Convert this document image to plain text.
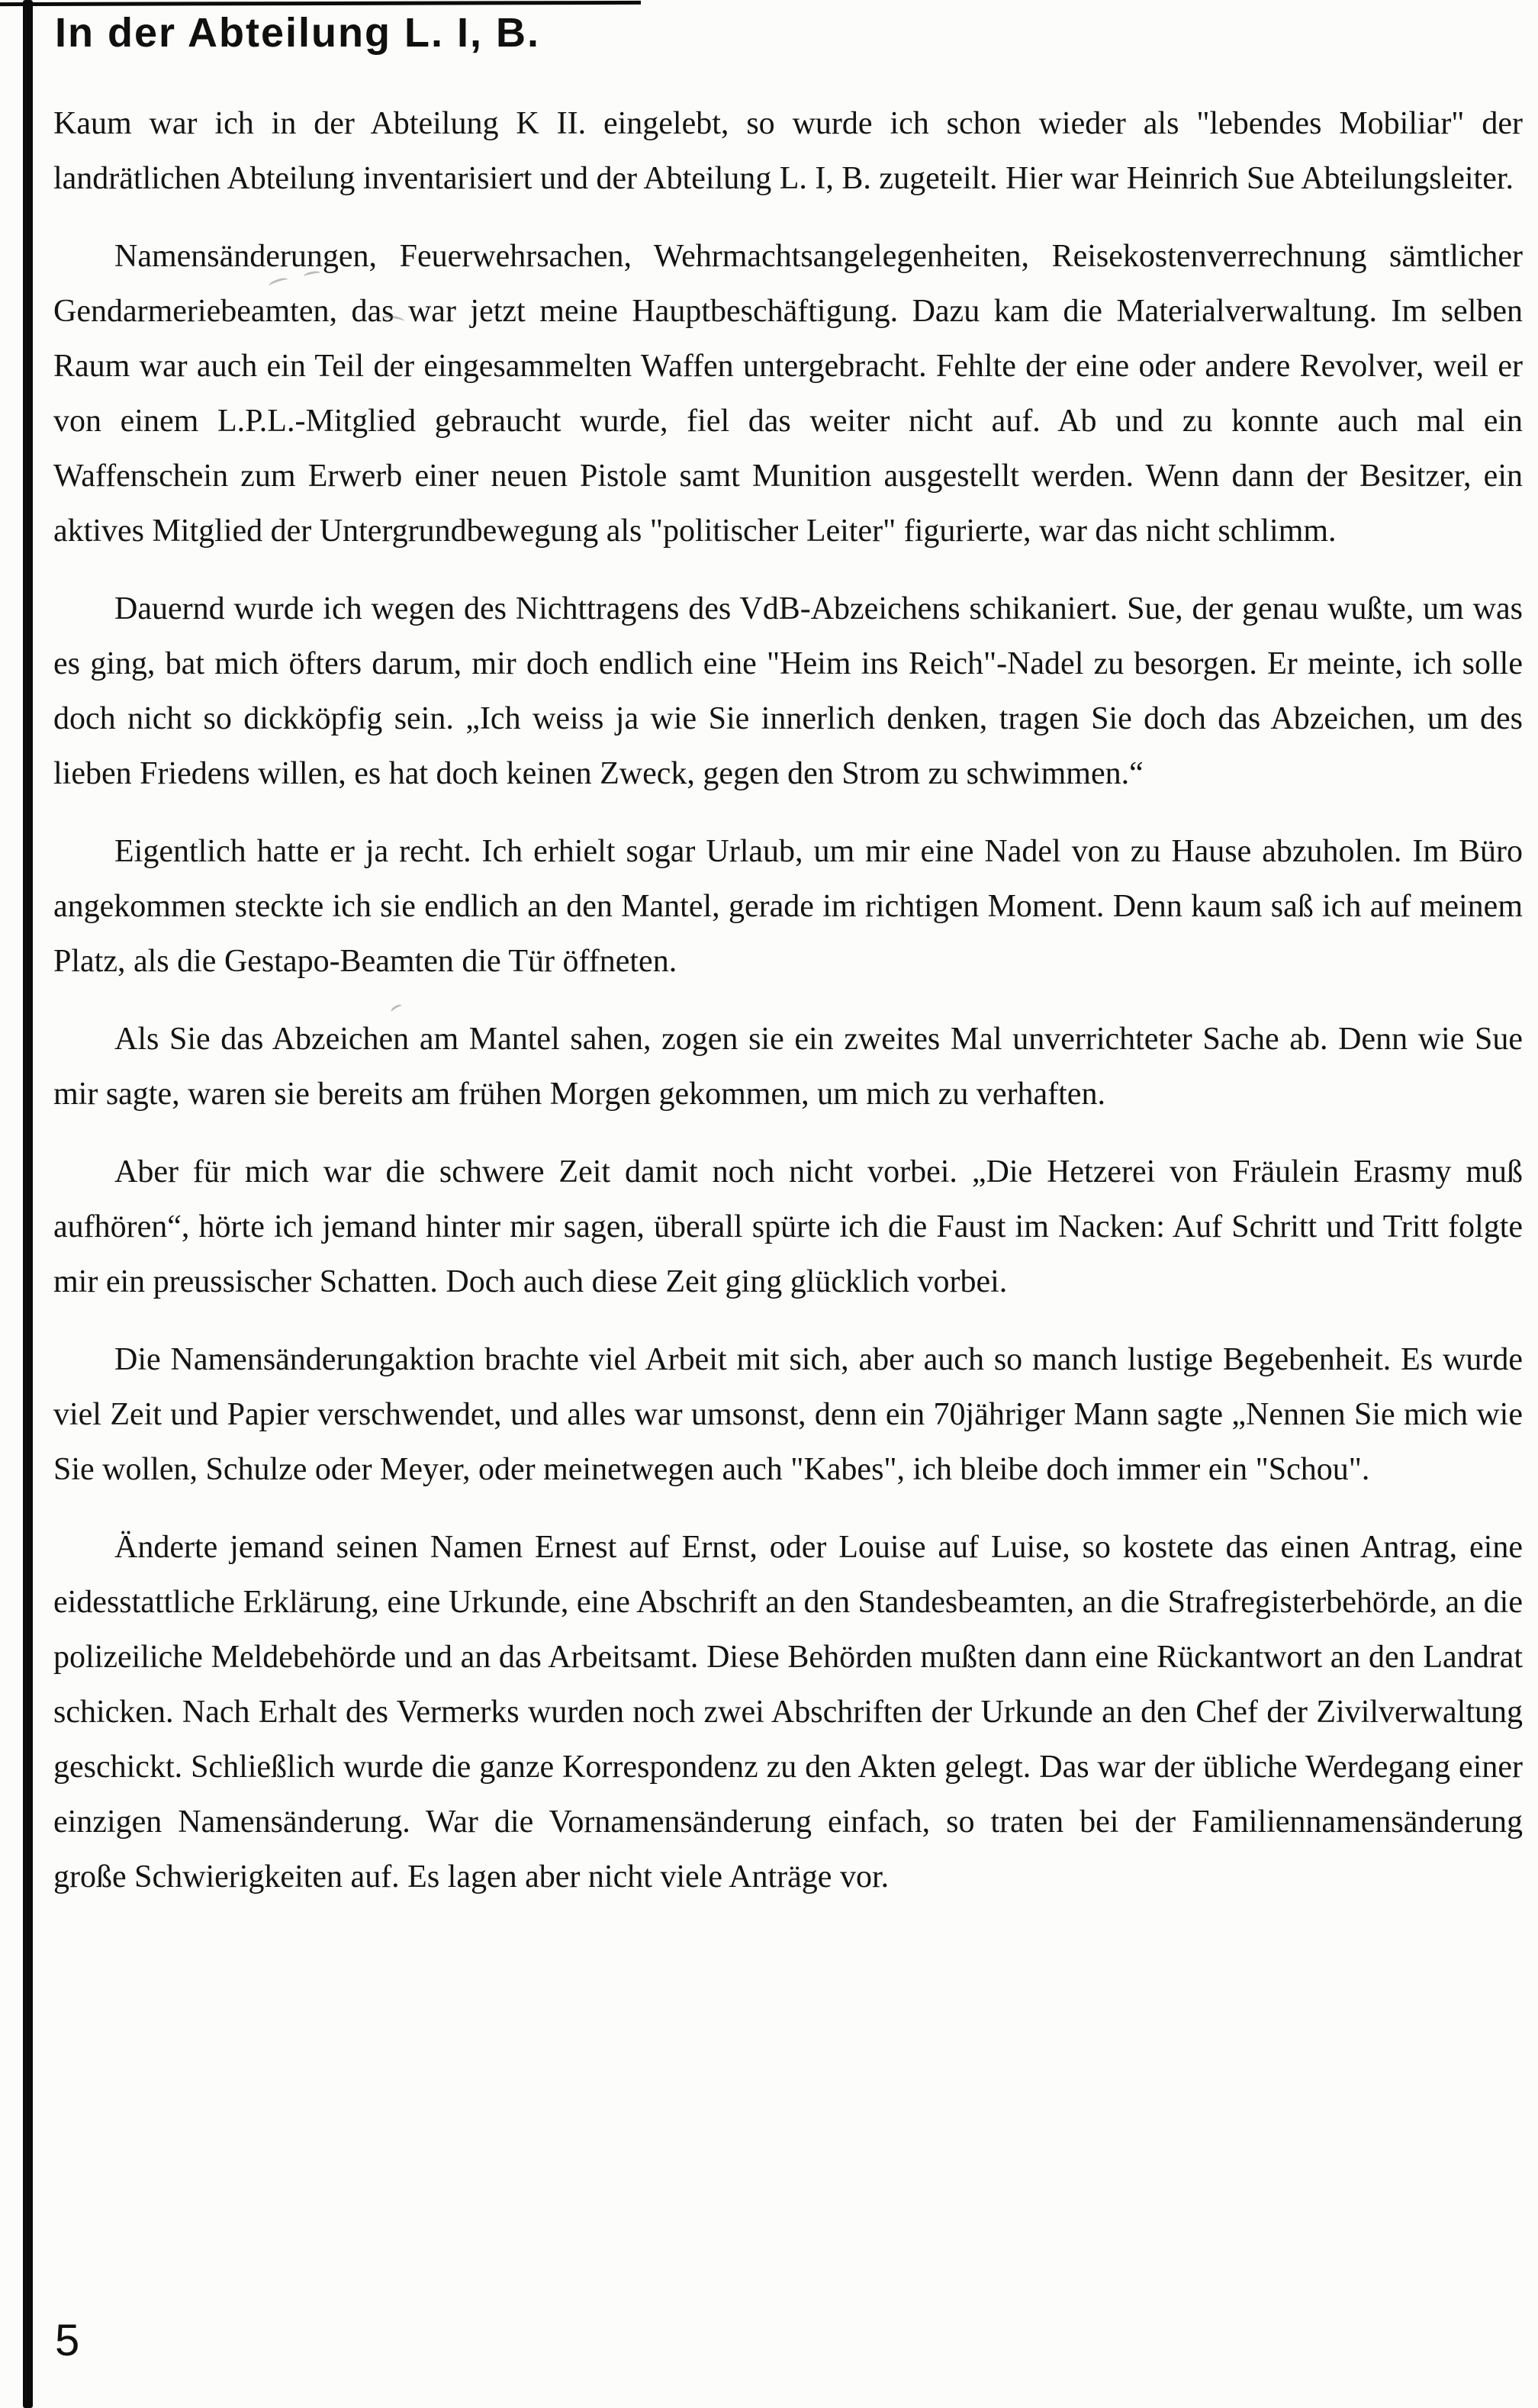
In der Abteilung L. I, B.

Kaum war ich in der Abteilung K II. eingelebt, so wurde ich schon wieder als "lebendes Mobiliar" der landrätlichen Abteilung inventarisiert und der Abteilung L. I, B. zugeteilt. Hier war Heinrich Sue Abteilungsleiter.

Namensänderungen, Feuerwehrsachen, Wehrmachtsangelegenheiten, Reisekostenverrechnung sämtlicher Gendarmeriebeamten, das war jetzt meine Hauptbeschäftigung. Dazu kam die Materialverwaltung. Im selben Raum war auch ein Teil der eingesammelten Waffen untergebracht. Fehlte der eine oder andere Revolver, weil er von einem L.P.L.-Mitglied gebraucht wurde, fiel das weiter nicht auf. Ab und zu konnte auch mal ein Waffenschein zum Erwerb einer neuen Pistole samt Munition ausgestellt werden. Wenn dann der Besitzer, ein aktives Mitglied der Untergrundbewegung als "politischer Leiter" figurierte, war das nicht schlimm.

Dauernd wurde ich wegen des Nichttragens des VdB-Abzeichens schikaniert. Sue, der genau wußte, um was es ging, bat mich öfters darum, mir doch endlich eine "Heim ins Reich"-Nadel zu besorgen. Er meinte, ich solle doch nicht so dickköpfig sein. „Ich weiss ja wie Sie innerlich denken, tragen Sie doch das Abzeichen, um des lieben Friedens willen, es hat doch keinen Zweck, gegen den Strom zu schwimmen.“

Eigentlich hatte er ja recht. Ich erhielt sogar Urlaub, um mir eine Nadel von zu Hause abzuholen. Im Büro angekommen steckte ich sie endlich an den Mantel, gerade im richtigen Moment. Denn kaum saß ich auf meinem Platz, als die Gestapo-Beamten die Tür öffneten.

Als Sie das Abzeichen am Mantel sahen, zogen sie ein zweites Mal unverrichteter Sache ab. Denn wie Sue mir sagte, waren sie bereits am frühen Morgen gekommen, um mich zu verhaften.

Aber für mich war die schwere Zeit damit noch nicht vorbei. „Die Hetzerei von Fräulein Erasmy muß aufhören“, hörte ich jemand hinter mir sagen, überall spürte ich die Faust im Nacken: Auf Schritt und Tritt folgte mir ein preussischer Schatten. Doch auch diese Zeit ging glücklich vorbei.

Die Namensänderungaktion brachte viel Arbeit mit sich, aber auch so manch lustige Begebenheit. Es wurde viel Zeit und Papier verschwendet, und alles war umsonst, denn ein 70jähriger Mann sagte „Nennen Sie mich wie Sie wollen, Schulze oder Meyer, oder meinetwegen auch "Kabes", ich bleibe doch immer ein "Schou".

Änderte jemand seinen Namen Ernest auf Ernst, oder Louise auf Luise, so kostete das einen Antrag, eine eidesstattliche Erklärung, eine Urkunde, eine Abschrift an den Standesbeamten, an die Strafregisterbehörde, an die polizeiliche Meldebehörde und an das Arbeitsamt. Diese Behörden mußten dann eine Rückantwort an den Landrat schicken. Nach Erhalt des Vermerks wurden noch zwei Abschriften der Urkunde an den Chef der Zivilverwaltung geschickt. Schließlich wurde die ganze Korrespondenz zu den Akten gelegt. Das war der übliche Werdegang einer einzigen Namensänderung. War die Vornamensänderung einfach, so traten bei der Familiennamensänderung große Schwierigkeiten auf. Es lagen aber nicht viele Anträge vor.

5
